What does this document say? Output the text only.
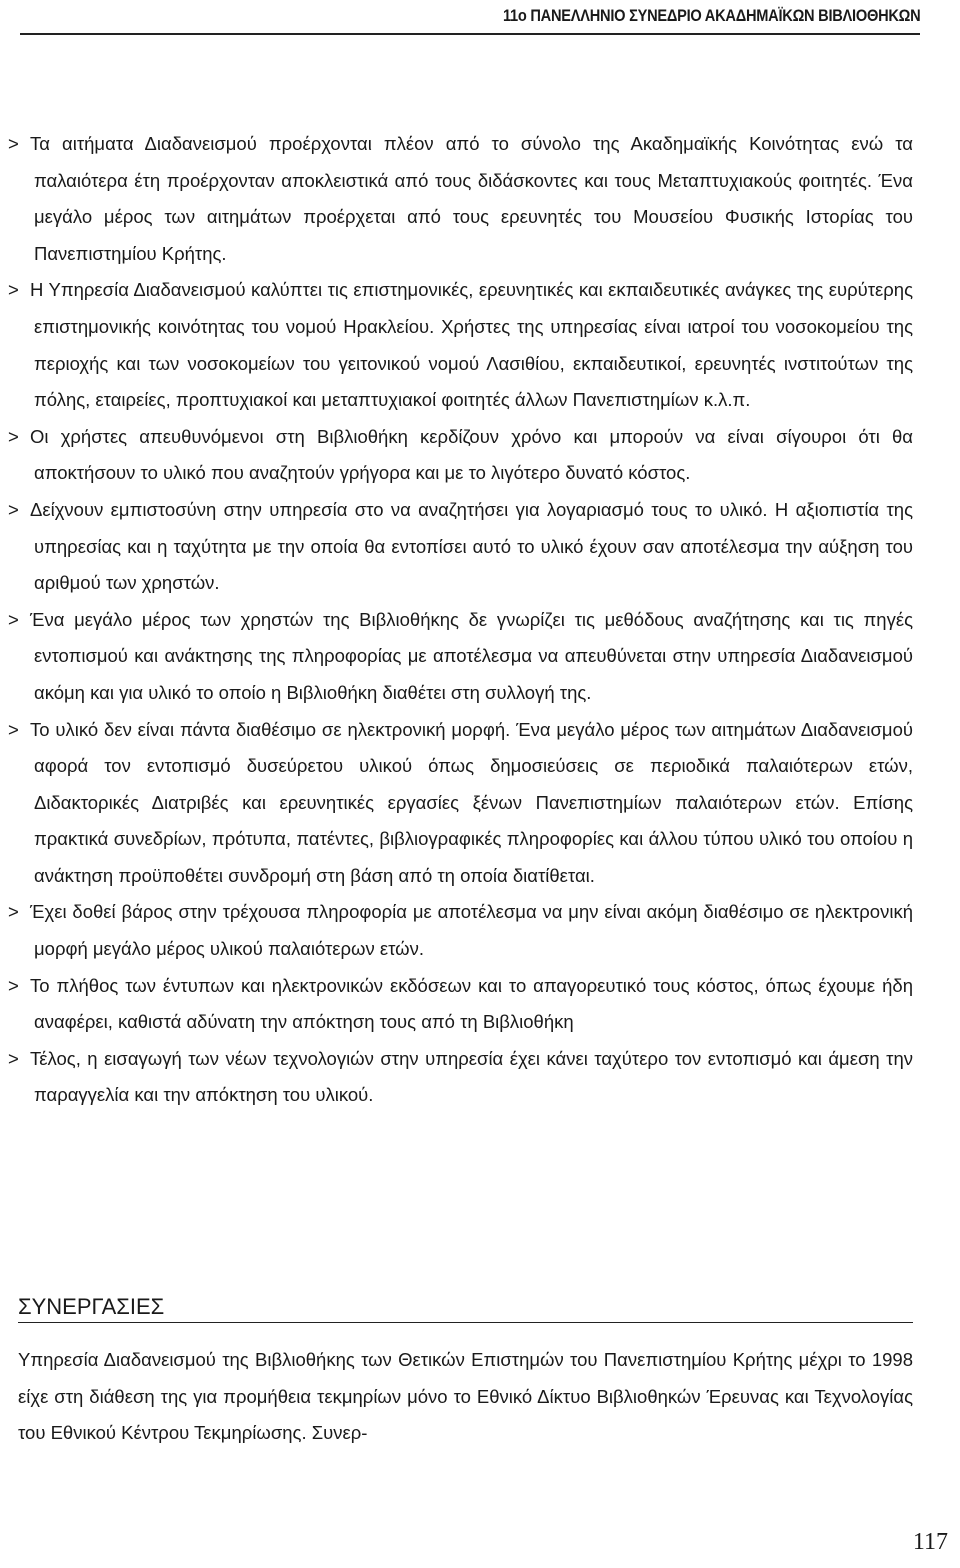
11ο ΠΑΝΕΛΛΗΝΙΟ ΣΥΝΕΔΡΙΟ ΑΚΑΔΗΜΑΪΚΩΝ ΒΙΒΛΙΟΘΗΚΩΝ

> Τα αιτήματα Διαδανεισμού προέρχονται πλέον από το σύνολο της Ακαδημαϊκής Κοινότητας ενώ τα παλαιότερα έτη προέρχονταν αποκλειστικά από τους διδάσκοντες και τους Μεταπτυχιακούς φοιτητές. Ένα μεγάλο μέρος των αιτημάτων προέρχεται από τους ερευνητές του Μουσείου Φυσικής Ιστορίας του Πανεπιστημίου Κρήτης.

> Η Υπηρεσία Διαδανεισμού καλύπτει τις επιστημονικές, ερευνητικές και εκπαιδευτικές ανάγκες της ευρύτερης επιστημονικής κοινότητας του νομού Ηρακλείου. Χρήστες της υπηρεσίας είναι ιατροί του νοσοκομείου της περιοχής και των νοσοκομείων του γειτονικού νομού Λασιθίου, εκπαιδευτικοί, ερευνητές ινστιτούτων της πόλης, εταιρείες, προπτυχιακοί και μεταπτυχιακοί φοιτητές άλλων Πανεπιστημίων κ.λ.π.

> Οι χρήστες απευθυνόμενοι στη Βιβλιοθήκη κερδίζουν χρόνο και μπορούν να είναι σίγουροι ότι θα αποκτήσουν το υλικό που αναζητούν γρήγορα και με το λιγότερο δυνατό κόστος.

> Δείχνουν εμπιστοσύνη στην υπηρεσία στο να αναζητήσει για λογαριασμό τους το υλικό. Η αξιοπιστία της υπηρεσίας και η ταχύτητα με την οποία θα εντοπίσει αυτό το υλικό έχουν σαν αποτέλεσμα την αύξηση του αριθμού των χρηστών.

> Ένα μεγάλο μέρος των χρηστών της Βιβλιοθήκης δε γνωρίζει τις μεθόδους αναζήτησης και τις πηγές εντοπισμού και ανάκτησης της πληροφορίας με αποτέλεσμα να απευθύνεται στην υπηρεσία Διαδανεισμού ακόμη και για υλικό το οποίο η Βιβλιοθήκη διαθέτει στη συλλογή της.

> Το υλικό δεν είναι πάντα διαθέσιμο σε ηλεκτρονική μορφή. Ένα μεγάλο μέρος των αιτημάτων Διαδανεισμού αφορά τον εντοπισμό δυσεύρετου υλικού όπως δημοσιεύσεις σε περιοδικά παλαιότερων ετών, Διδακτορικές Διατριβές και ερευνητικές εργασίες ξένων Πανεπιστημίων παλαιότερων ετών. Επίσης πρακτικά συνεδρίων, πρότυπα, πατέντες, βιβλιογραφικές πληροφορίες και άλλου τύπου υλικό του οποίου η ανάκτηση προϋποθέτει συνδρομή στη βάση από τη οποία διατίθεται.

> Έχει δοθεί βάρος στην τρέχουσα πληροφορία με αποτέλεσμα να μην είναι ακόμη διαθέσιμο σε ηλεκτρονική μορφή μεγάλο μέρος υλικού παλαιότερων ετών.

> Το πλήθος των έντυπων και ηλεκτρονικών εκδόσεων και το απαγορευτικό τους κόστος, όπως έχουμε ήδη αναφέρει, καθιστά αδύνατη την απόκτηση τους από τη Βιβλιοθήκη

> Τέλος, η εισαγωγή των νέων τεχνολογιών στην υπηρεσία έχει κάνει ταχύτερο τον εντοπισμό και άμεση την παραγγελία και την απόκτηση του υλικού.

ΣΥΝΕΡΓΑΣΙΕΣ

Υπηρεσία Διαδανεισμού της Βιβλιοθήκης των Θετικών Επιστημών του Πανεπιστημίου Κρήτης μέχρι το 1998 είχε στη διάθεση της για προμήθεια τεκμηρίων μόνο το Εθνικό Δίκτυο Βιβλιοθηκών Έρευνας και Τεχνολογίας του Εθνικού Κέντρου Τεκμηρίωσης. Συνερ-

117
